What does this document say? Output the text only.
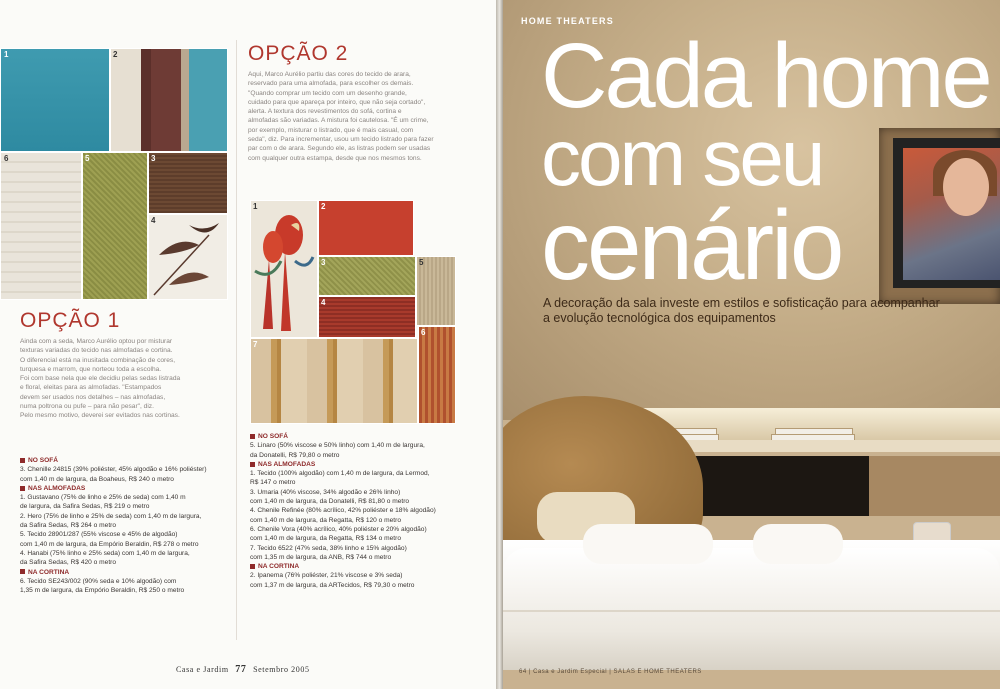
1	2
3
4
5
6
OPÇÃO 1

Ainda com a seda, Marco Aurélio optou por misturar
texturas variadas do tecido nas almofadas e cortina.
O diferencial está na inusitada combinação de cores,
turquesa e marrom, que norteou toda a escolha.
Foi com base nela que ele decidiu pelas sedas listrada
e floral, eleitas para as almofadas. "Estampados
devem ser usados nos detalhes – nas almofadas,
numa poltrona ou pufe – para não pesar", diz.
Pelo mesmo motivo, deverei ser evitados nas cortinas.

NO SOFÁ
3. Chenille 24815 (39% poliéster, 45% algodão e 16% poliéster)
com 1,40 m de largura, da Boaheus, R$ 240 o metro
NAS ALMOFADAS
1. Gustavano (75% de linho e 25% de seda) com 1,40 m
de largura, da Safira Sedas, R$ 219 o metro
2. Hero (75% de linho e 25% de seda) com 1,40 m de largura,
da Safira Sedas, R$ 264 o metro
5. Tecido 28901/287 (55% viscose e 45% de algodão)
com 1,40 m de largura, da Empório Beraldin, R$ 278 o metro
4. Hanabi (75% linho e 25% seda) com 1,40 m de largura,
da Safira Sedas, R$ 420 o metro
NA CORTINA
6. Tecido SE243/002 (90% seda e 10% algodão) com
1,35 m de largura, da Empório Beraldin, R$ 250 o metro

OPÇÃO 2

Aqui, Marco Aurélio partiu das cores do tecido de arara,
reservado para uma almofada, para escolher os demais.
"Quando comprar um tecido com um desenho grande,
cuidado para que apareça por inteiro, que não seja cortado",
alerta. A textura dos revestimentos do sofá, cortina e
almofadas são variadas. A mistura foi cautelosa. "É um crime,
por exemplo, misturar o listrado, que é mais casual, com
seda", diz. Para incrementar, usou um tecido listrado para fazer
par com o de arara. Segundo ele, as listras podem ser usadas
com qualquer outra estampa, desde que nos mesmos tons.

1	2
3
4
5
6
7

NO SOFÁ
5. Linaro (50% viscose e 50% linho) com 1,40 m de largura,
da Donatelli, R$ 79,80 o metro
NAS ALMOFADAS
1. Tecido (100% algodão) com 1,40 m de largura, da Lermod,
R$ 147 o metro
3. Umaria (40% viscose, 34% algodão e 26% linho)
com 1,40 m de largura, da Donatelli, R$ 81,80 o metro
4. Chenile Refinée (80% acrílico, 42% poliéster e 18% algodão)
com 1,40 m de largura, da Regatta, R$ 120 o metro
6. Chenile Vora (40% acrílico, 40% poliéster e 20% algodão)
com 1,40 m de largura, da Regatta, R$ 134 o metro
7. Tecido 6522 (47% seda, 38% linho e 15% algodão)
com 1,35 m de largura, da ANB, R$ 744 o metro
NA CORTINA
2. Ipanema (76% poliéster, 21% viscose e 3% seda)
com 1,37 m de largura, da ARTecidos, R$ 79,30 o metro

Casa e Jardim 77 Setembro 2005
HOME THEATERS
Cada home
com seu
cenário

A decoração da sala investe em estilos e sofisticação para acompanhar a evolução tecnológica dos equipamentos

64 | Casa e Jardim Especial | SALAS E HOME THEATERS
